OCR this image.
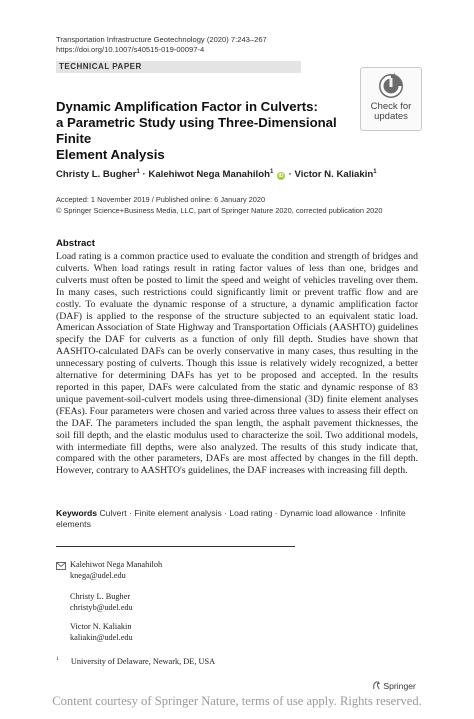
Transportation Infrastructure Geotechnology (2020) 7:243–267
https://doi.org/10.1007/s40515-019-00097-4
TECHNICAL PAPER
Dynamic Amplification Factor in Culverts:
a Parametric Study using Three-Dimensional Finite
Element Analysis
Check for
updates
Christy L. Bugher$^1$ · Kalehiwot Nega Manahiloh$^1$ iD · Victor N. Kaliakin$^1$
Accepted: 1 November 2019 / Published online: 6 January 2020
© Springer Science+Business Media, LLC, part of Springer Nature 2020, corrected publication 2020
Abstract
Load rating is a common practice used to evaluate the condition and strength of bridges and culverts. When load ratings result in rating factor values of less than one, bridges and culverts must often be posted to limit the speed and weight of vehicles traveling over them. In many cases, such restrictions could significantly limit or prevent traffic flow and are costly. To evaluate the dynamic response of a structure, a dynamic amplification factor (DAF) is applied to the response of the structure subjected to an equivalent static load. American Association of State Highway and Transportation Officials (AASHTO) guidelines specify the DAF for culverts as a function of only fill depth. Studies have shown that AASHTO-calculated DAFs can be overly conservative in many cases, thus resulting in the unnecessary posting of culverts. Though this issue is relatively widely recognized, a better alternative for determining DAFs has yet to be proposed and accepted. In the results reported in this paper, DAFs were calculated from the static and dynamic response of 83 unique pavement-soil-culvert models using three-dimensional (3D) finite element analyses (FEAs). Four parameters were chosen and varied across three values to assess their effect on the DAF. The parameters included the span length, the asphalt pavement thicknesses, the soil fill depth, and the elastic modulus used to characterize the soil. Two additional models, with intermediate fill depths, were also analyzed. The results of this study indicate that, compared with the other parameters, DAFs are most affected by changes in the fill depth. However, contrary to AASHTO's guidelines, the DAF increases with increasing fill depth.
Keywords Culvert · Finite element analysis · Load rating · Dynamic load allowance · Infinite elements
Kalehiwot Nega Manahiloh
knega@udel.edu
Christy L. Bugher
christyb@udel.edu
Victor N. Kaliakin
kaliakin@udel.edu
$^1$ University of Delaware, Newark, DE, USA
Springer
Content courtesy of Springer Nature, terms of use apply. Rights reserved.
